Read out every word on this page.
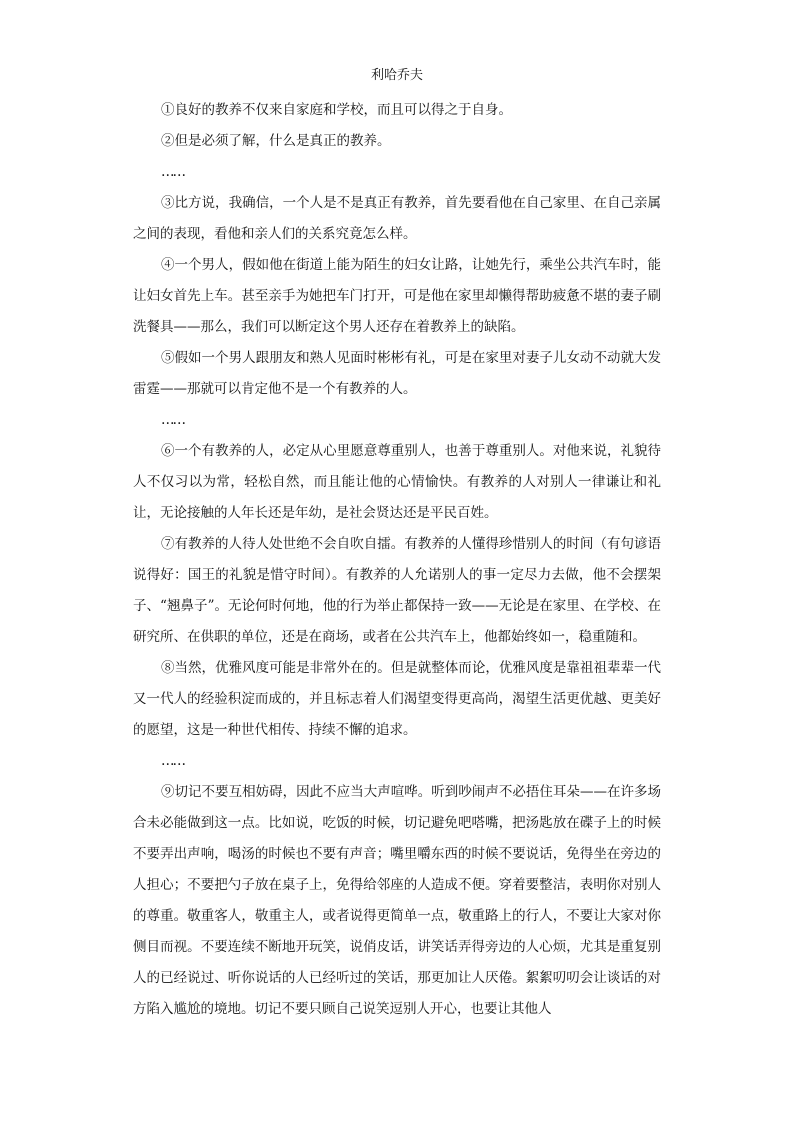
利哈乔夫

①良好的教养不仅来自家庭和学校，而且可以得之于自身。

②但是必须了解，什么是真正的教养。

……

③比方说，我确信，一个人是不是真正有教养，首先要看他在自己家里、在自己亲属之间的表现，看他和亲人们的关系究竟怎么样。

④一个男人，假如他在街道上能为陌生的妇女让路，让她先行，乘坐公共汽车时，能让妇女首先上车。甚至亲手为她把车门打开，可是他在家里却懒得帮助疲惫不堪的妻子刷洗餐具——那么，我们可以断定这个男人还存在着教养上的缺陷。

⑤假如一个男人跟朋友和熟人见面时彬彬有礼，可是在家里对妻子儿女动不动就大发雷霆——那就可以肯定他不是一个有教养的人。

……

⑥一个有教养的人，必定从心里愿意尊重别人，也善于尊重别人。对他来说，礼貌待人不仅习以为常，轻松自然，而且能让他的心情愉快。有教养的人对别人一律谦让和礼让，无论接触的人年长还是年幼，是社会贤达还是平民百姓。

⑦有教养的人待人处世绝不会自吹自擂。有教养的人懂得珍惜别人的时间（有句谚语说得好：国王的礼貌是惜守时间）。有教养的人允诺别人的事一定尽力去做，他不会摆架子、“翘鼻子”。无论何时何地，他的行为举止都保持一致——无论是在家里、在学校、在研究所、在供职的单位，还是在商场，或者在公共汽车上，他都始终如一，稳重随和。

⑧当然，优雅风度可能是非常外在的。但是就整体而论，优雅风度是靠祖祖辈辈一代又一代人的经验积淀而成的，并且标志着人们渴望变得更高尚，渴望生活更优越、更美好的愿望，这是一种世代相传、持续不懈的追求。

……

⑨切记不要互相妨碍，因此不应当大声喧哗。听到吵闹声不必捂住耳朵——在许多场合未必能做到这一点。比如说，吃饭的时候，切记避免吧嗒嘴，把汤匙放在碟子上的时候不要弄出声响，喝汤的时候也不要有声音；嘴里嚼东西的时候不要说话，免得坐在旁边的人担心；不要把勺子放在桌子上，免得给邻座的人造成不便。穿着要整洁，表明你对别人的尊重。敬重客人，敬重主人，或者说得更简单一点，敬重路上的行人，不要让大家对你侧目而视。不要连续不断地开玩笑，说俏皮话，讲笑话弄得旁边的人心烦，尤其是重复别人的已经说过、听你说话的人已经听过的笑话，那更加让人厌倦。絮絮叨叨会让谈话的对方陷入尴尬的境地。切记不要只顾自己说笑逗别人开心，也要让其他人
